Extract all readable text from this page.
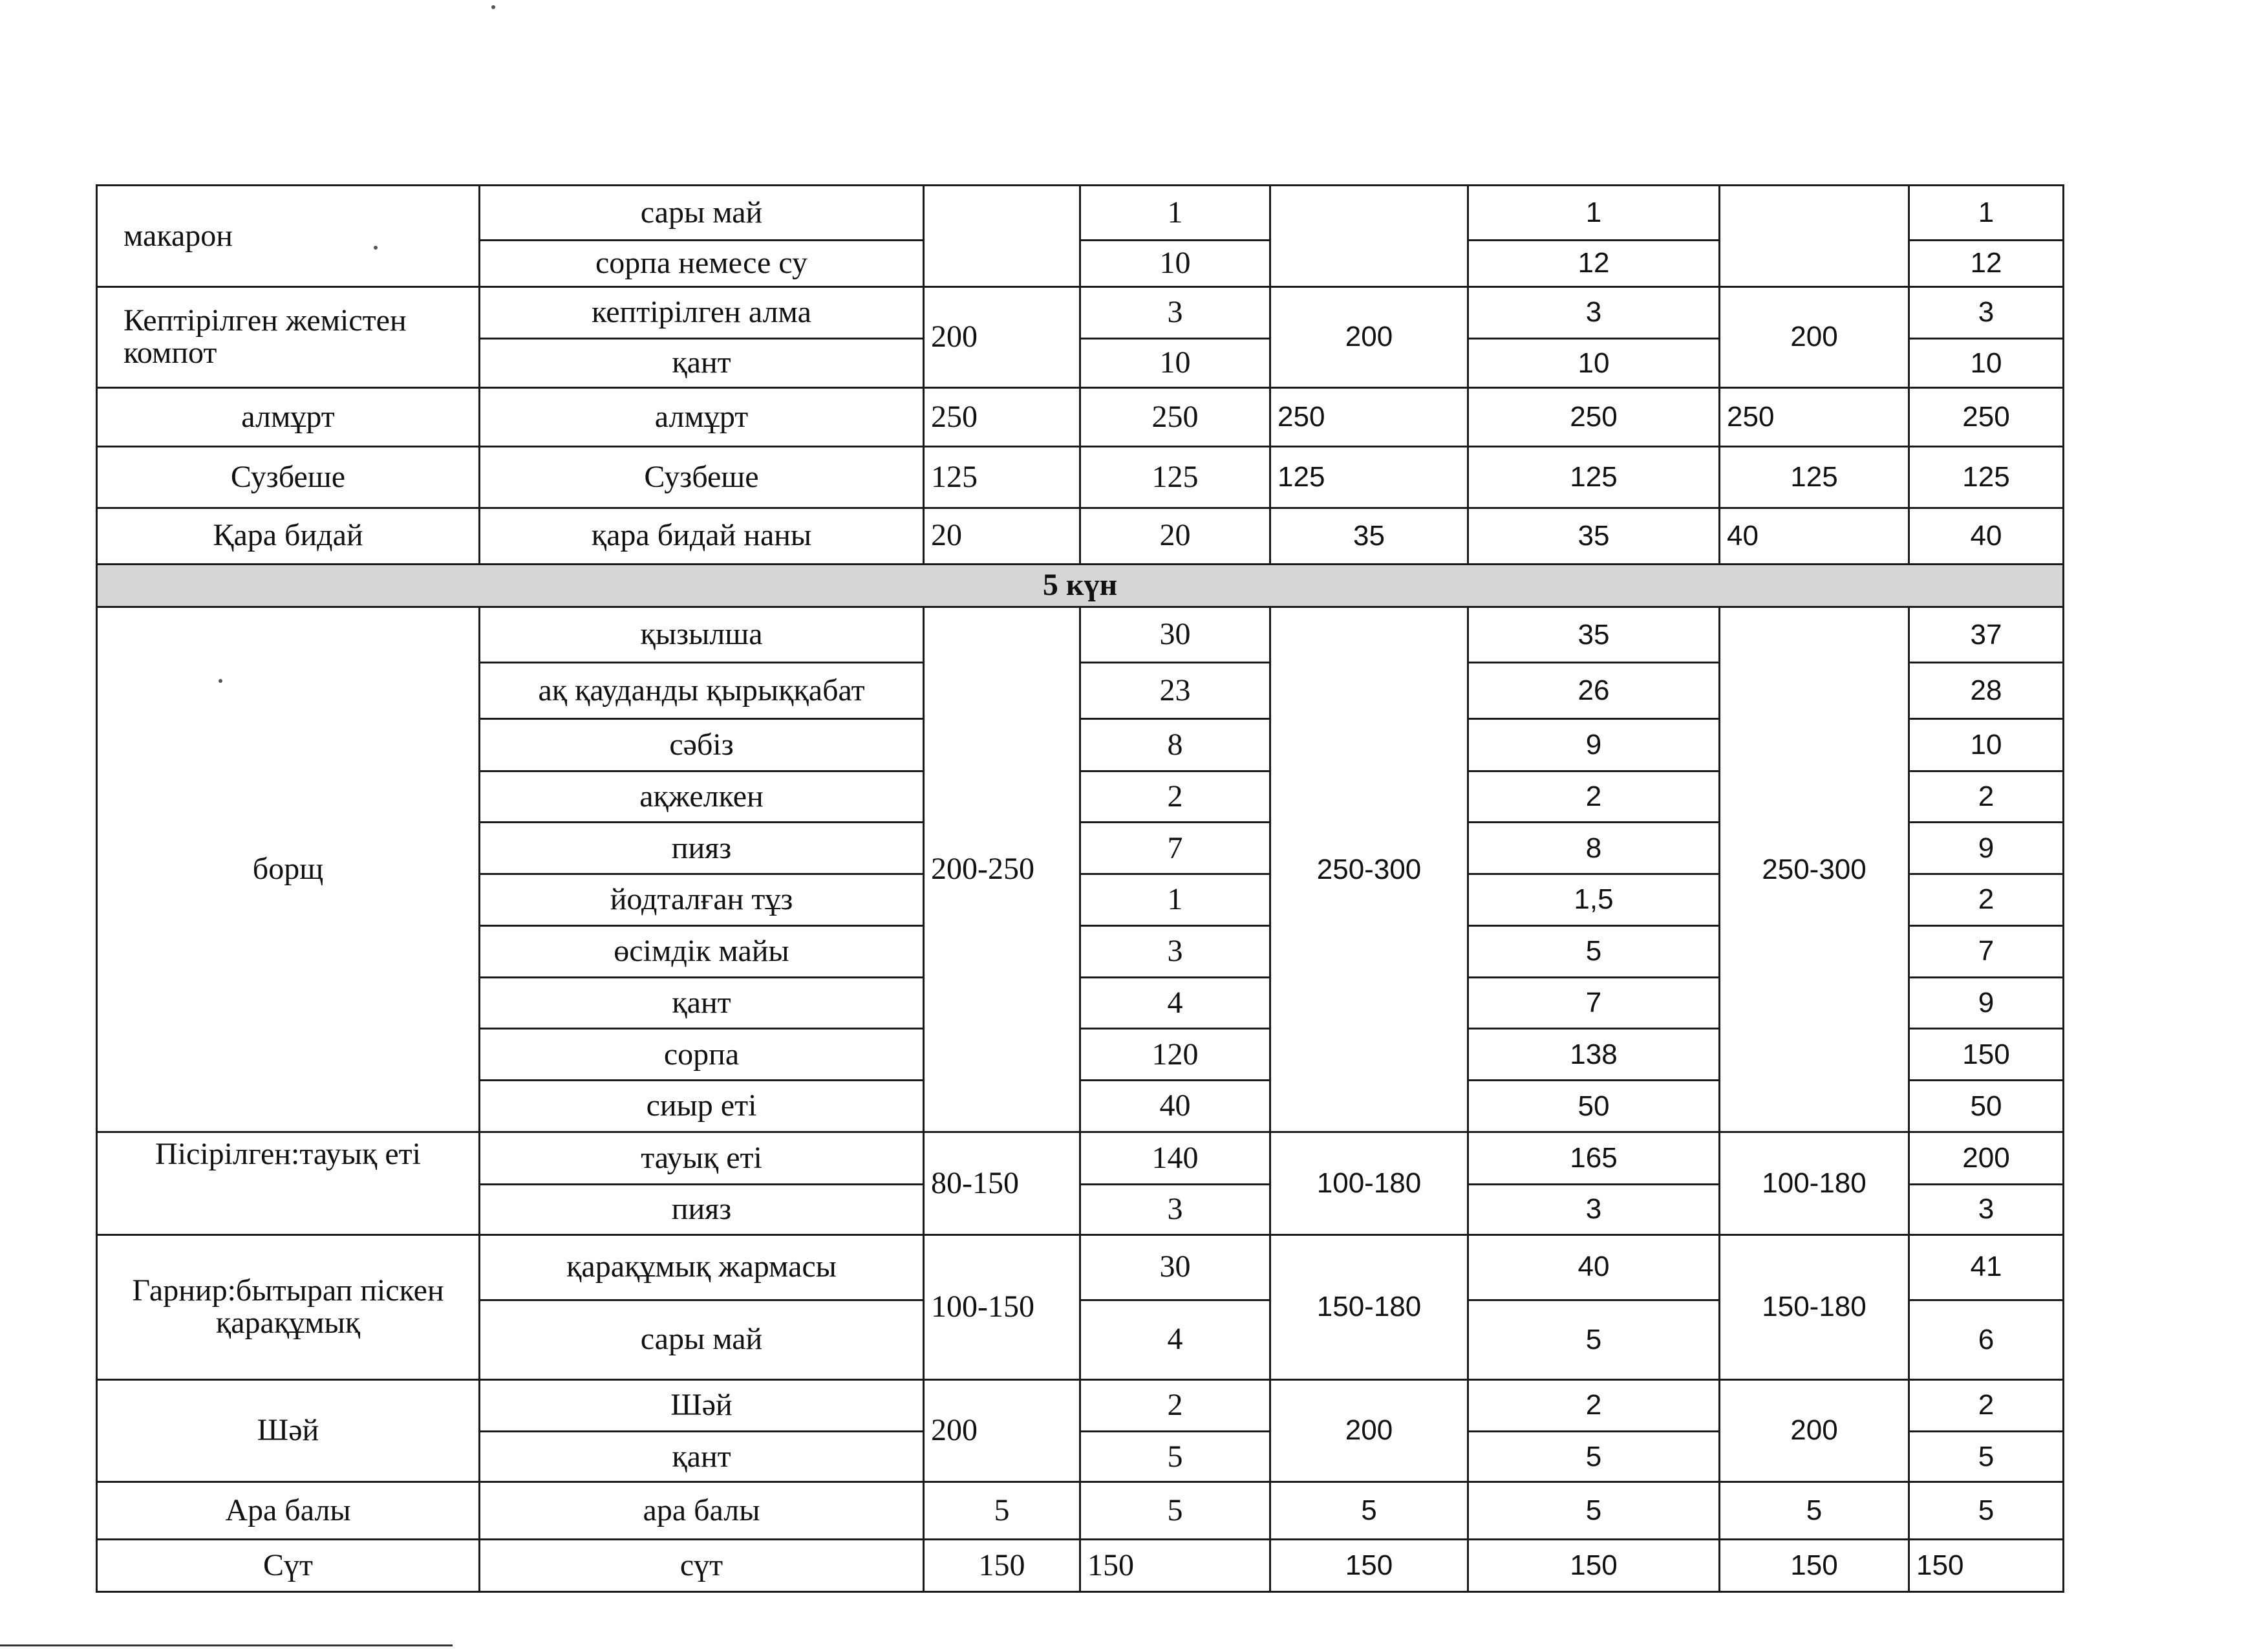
макарон	сары май		1		1		1
	сорпа немесе су		10		12		12
Кептірілген жемістен компот	кептірілген алма	200	3	200	3	200	3
	қант		10		10		10
алмұрт	алмұрт	250	250	250	250	250	250
Сузбеше	Сузбеше	125	125	125	125	125	125
Қара бидай	қара бидай наны	20	20	35	35	40	40
5 күн							
борщ	қызылша	200-250	30	250-300	35	250-300	37
	ақ қауданды қырыққабат		23		26		28
	сәбіз		8		9		10
	ақжелкен		2		2		2
	пияз		7		8		9
	йодталған тұз		1		1,5		2
	өсімдік майы		3		5		7
	қант		4		7		9
	сорпа		120		138		150
	сиыр еті		40		50		50
Пісірілген:тауық еті	тауық еті	80-150	140	100-180	165	100-180	200
	пияз		3		3		3
Гарнир:бытырап піскен қарақұмық	қарақұмық жармасы	100-150	30	150-180	40	150-180	41
	сары май		4		5		6
Шәй	Шәй	200	2	200	2	200	2
	қант		5		5		5
Ара балы	ара балы	5	5	5	5	5	5
Сүт	сүт	150	150	150	150	150	150
